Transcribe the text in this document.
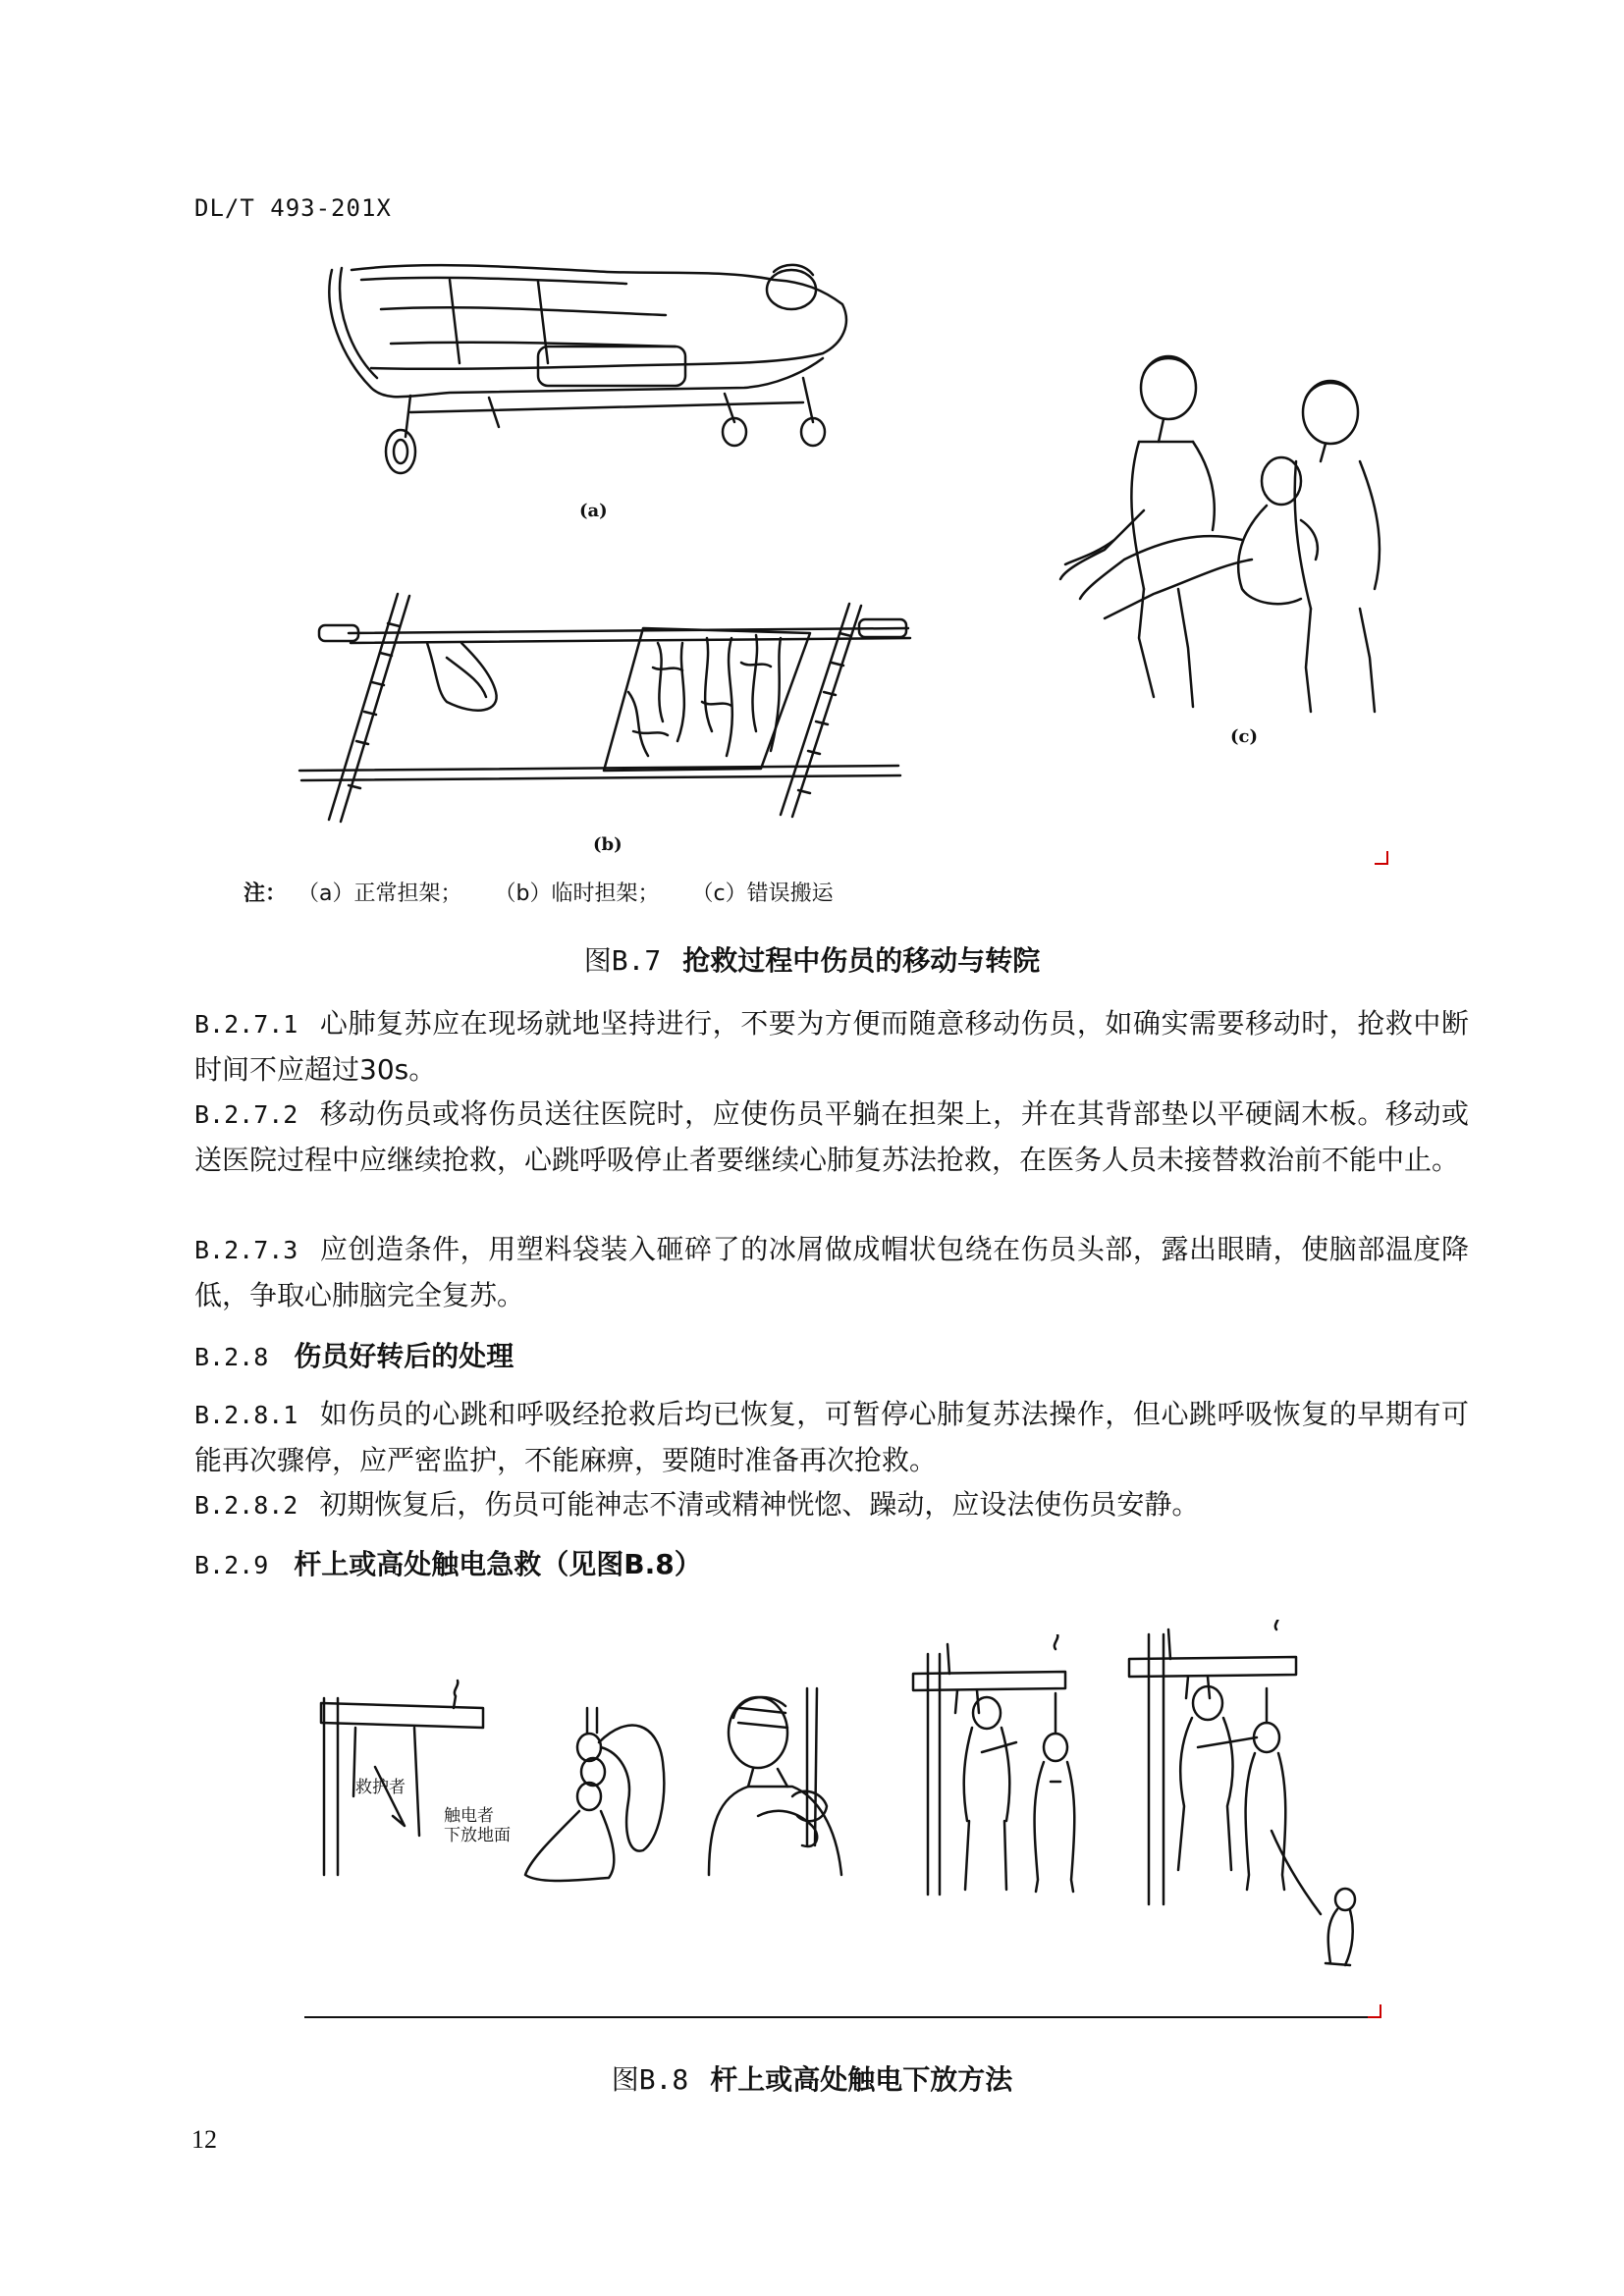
DL/T 493-201X
(a)
(b)
(c)
注： （a）正常担架； （b）临时担架； （c）错误搬运
图B.7 抢救过程中伤员的移动与转院
B.2.7.1 心肺复苏应在现场就地坚持进行，不要为方便而随意移动伤员，如确实需要移动时，抢救中断时间不应超过30s。
B.2.7.2 移动伤员或将伤员送往医院时，应使伤员平躺在担架上，并在其背部垫以平硬阔木板。移动或送医院过程中应继续抢救，心跳呼吸停止者要继续心肺复苏法抢救，在医务人员未接替救治前不能中止。
B.2.7.3 应创造条件，用塑料袋装入砸碎了的冰屑做成帽状包绕在伤员头部，露出眼睛，使脑部温度降低，争取心肺脑完全复苏。
B.2.8 伤员好转后的处理
B.2.8.1 如伤员的心跳和呼吸经抢救后均已恢复，可暂停心肺复苏法操作，但心跳呼吸恢复的早期有可能再次骤停，应严密监护，不能麻痹，要随时准备再次抢救。
B.2.8.2 初期恢复后，伤员可能神志不清或精神恍惚、躁动，应设法使伤员安静。
B.2.9 杆上或高处触电急救（见图B.8）
救护者
触电者
下放地面
图B.8 杆上或高处触电下放方法
12
